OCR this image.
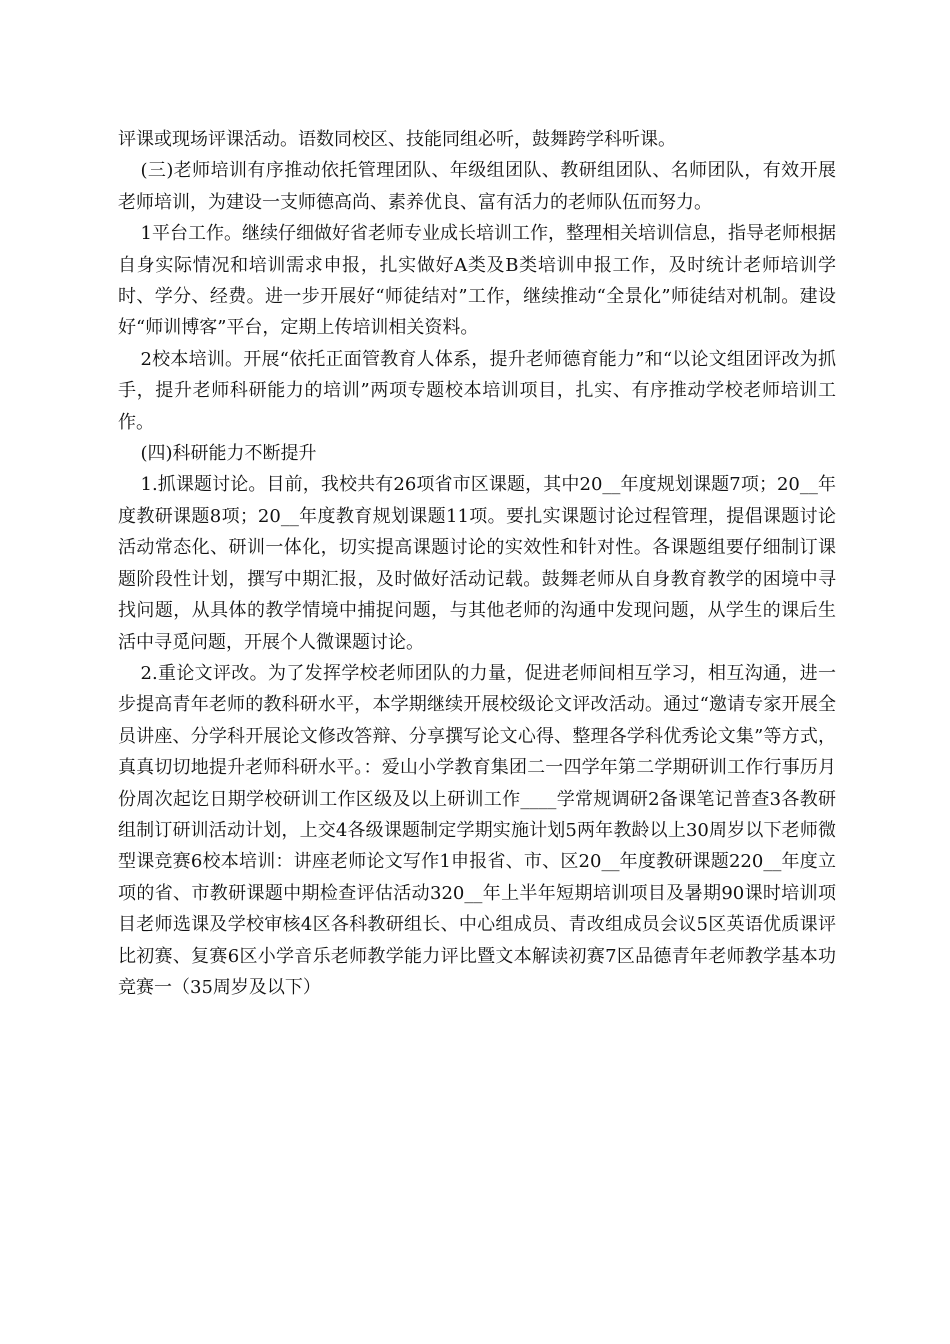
评课或现场评课活动。语数同校区、技能同组必听，鼓舞跨学科听课。

(三)老师培训有序推动依托管理团队、年级组团队、教研组团队、名师团队，有效开展老师培训，为建设一支师德高尚、素养优良、富有活力的老师队伍而努力。

1平台工作。继续仔细做好省老师专业成长培训工作，整理相关培训信息，指导老师根据自身实际情况和培训需求申报，扎实做好A类及B类培训申报工作，及时统计老师培训学时、学分、经费。进一步开展好“师徒结对”工作，继续推动“全景化”师徒结对机制。建设好“师训博客”平台，定期上传培训相关资料。

2校本培训。开展“依托正面管教育人体系，提升老师德育能力”和“以论文组团评改为抓手，提升老师科研能力的培训”两项专题校本培训项目，扎实、有序推动学校老师培训工作。

(四)科研能力不断提升

1.抓课题讨论。目前，我校共有26项省市区课题，其中20__年度规划课题7项；20__年度教研课题8项；20__年度教育规划课题11项。要扎实课题讨论过程管理，提倡课题讨论活动常态化、研训一体化，切实提高课题讨论的实效性和针对性。各课题组要仔细制订课题阶段性计划，撰写中期汇报，及时做好活动记载。鼓舞老师从自身教育教学的困境中寻找问题，从具体的教学情境中捕捉问题，与其他老师的沟通中发现问题，从学生的课后生活中寻觅问题，开展个人微课题讨论。

2.重论文评改。为了发挥学校老师团队的力量，促进老师间相互学习，相互沟通，进一步提高青年老师的教科研水平，本学期继续开展校级论文评改活动。通过“邀请专家开展全员讲座、分学科开展论文修改答辩、分享撰写论文心得、整理各学科优秀论文集”等方式，真真切切地提升老师科研水平。：爱山小学教育集团二一四学年第二学期研训工作行事历月份周次起讫日期学校研训工作区级及以上研训工作____学常规调研2备课笔记普查3各教研组制订研训活动计划，上交4各级课题制定学期实施计划5两年教龄以上30周岁以下老师微型课竞赛6校本培训：讲座老师论文写作1申报省、市、区20__年度教研课题220__年度立项的省、市教研课题中期检查评估活动320__年上半年短期培训项目及暑期90课时培训项目老师选课及学校审核4区各科教研组长、中心组成员、青改组成员会议5区英语优质课评比初赛、复赛6区小学音乐老师教学能力评比暨文本解读初赛7区品德青年老师教学基本功竞赛一（35周岁及以下）
